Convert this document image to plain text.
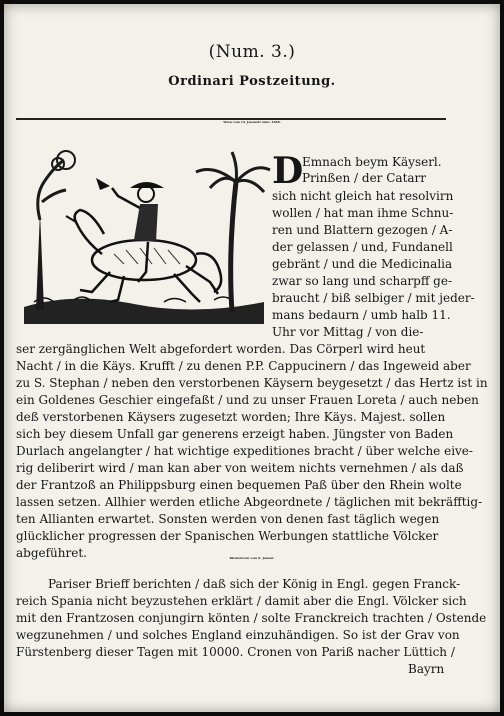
(Num. 3.)
Ordinari Postzeitung.
Wien vom 14. Januarii Anno 1668.
D
Emnach beym Käyserl.
Prinßen / der Catarr
sich nicht gleich hat resolvirn
wollen / hat man ihme Schnu-
ren und Blattern gezogen / A-
der gelassen / und, Fundanell
gebränt / und die Medicinalia
zwar so lang und scharpff ge-
braucht / biß selbiger / mit jeder-
mans bedaurn / umb halb 11.
Uhr vor Mittag / von die-
ser zergänglichen Welt abgefordert worden. Das Cörperl wird heut
Nacht / in die Käys. Krufft / zu denen P.P. Cappucinern / das Ingeweid aber
zu S. Stephan / neben den verstorbenen Käysern beygesetzt / das Hertz ist in
ein Goldenes Geschier eingefaßt / und zu unser Frauen Loreta / auch neben
deß verstorbenen Käysers zugesetzt worden; Ihre Käys. Majest. sollen
sich bey diesem Unfall gar generens erzeigt haben. Jüngster von Baden
Durlach angelangter / hat wichtige expeditiones bracht / über welche eive-
rig deliberirt wird / man kan aber von weitem nichts vernehmen / als daß
der Frantzoß an Philippsburg einen bequemen Paß über den Rhein wolte
lassen setzen. Allhier werden etliche Abgeordnete / täglichen mit bekräfftig-
ten Allianten erwartet. Sonsten werden von denen fast täglich wegen
glücklicher progressen der Spanischen Werbungen stattliche Völcker
abgeführet.	Rheinstrom vom 8. Januar.
Pariser Brieff berichten / daß sich der König in Engl. gegen Franck-
reich Spania nicht beyzustehen erklärt / damit aber die Engl. Völcker sich
mit den Frantzosen conjungirn könten / solte Franckreich trachten / Ostende
wegzunehmen / und solches England einzuhändigen. So ist der Grav von
Fürstenberg dieser Tagen mit 10000. Cronen von Pariß nacher Lüttich /
Bayrn
